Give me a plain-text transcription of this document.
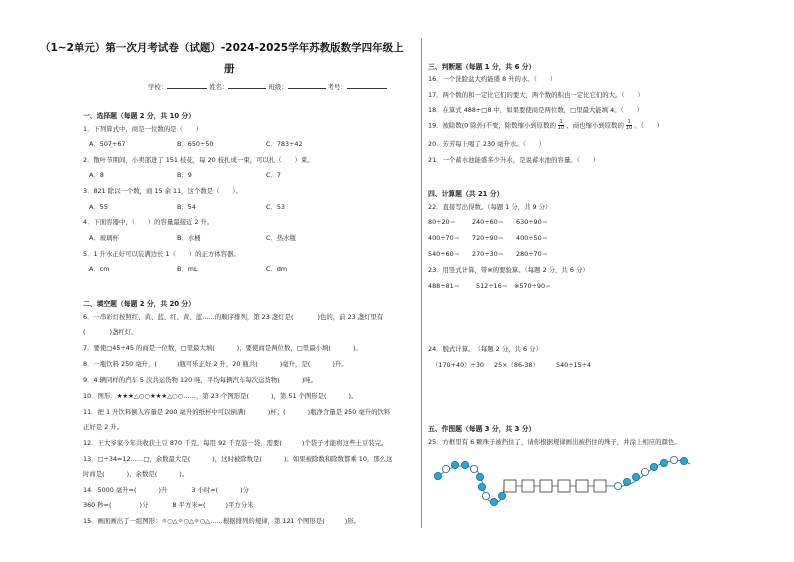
（1~2单元）第一次月考试卷（试题）-2024-2025学年苏教版数学四年级上
册
学校：	姓名：	班级：	考号：
一、选择题（每题 2 分，共 10 分）
1．下列算式中，商是一位数的是（　　）
A．507÷67	B．650÷50	C．783÷42
2．散叶节期间，小卖部进了 151 枝花，每 20 枝扎成一束，可以扎（　　）束。
A．8	B．9	C．7
3．821 除以一个数，商 15 余 11，这个数是（　　）。
A．55	B．54	C．53
4．下面容器中，（　　）的容量最接近 2 升。
A．玻璃杯	B．水桶	C．热水瓶
5．1 升水正好可以装满边长 1（　　）的正方体容器。
A．cm	B．mL	C．dm
二、填空题（每题 2 分，共 20 分）
6．一串彩灯按照红、黄、蓝、红、黄、蓝……的顺序排列，第 23 盏灯是(	)色的，前 23 盏灯里有
(	)盏红灯。
7．要使□45÷45 的商是一位数，□里最大填(	)；要使商是两位数，□里最小填(	)。
8．一瓶饮料 250 毫升，(	)瓶可乐正好 2 升，20 瓶共(	)毫升，是(	)升。
9．4 辆同样的汽车 5 次共运货物 120 吨，平均每辆汽车每次运货物(	)吨。
10．图形：★★★△○○★★★△○○……，第 23 个图形是(	)，第 51 个图形是(	)。
11．把 1 升饮料倒入容量是 200 毫升的纸杯中可以倒满(	)杯；(	)瓶净含量是 250 毫升的饮料
正好是 2 升。
12．王大爷家今年共收获土豆 870 千克，每用 92 千克装一袋，需要(	)个袋子才能将这些土豆装完。
13．□÷34=12……□，余数最大是(	)，这时被除数是(	)；如果被除数和除数都乘 10，那么这
时商是(	)，余数是(	)。
14．5000 毫升=(	)升	3 小时=(	)分
360 秒=(	)分	8 平方米=(	)平方分米
15．画面画出了一组图形：☼○△☼○△☼○△……根据排列的规律，第 121 个图形是(	)形。
三、判断题（每题 1 分，共 6 分）
16．一个洗脸盆大约能盛 8 升的水。（　　）
17．两个数的和一定比它们的要大，两个数的积也一定比它们的大。（　　）
18．在算式 488÷□8 中，如果要使商是两位数，□里最大能填 4。（　　）
19．被除数(0 除外)不变，除数缩小到原数的 $\frac{1}{10}$ ，商也缩小到原数的 $\frac{1}{10}$ 。（　　）
20．芳芳每上喝了 230 毫升水。（　　）
21．一个蓄水池能盛多少升水，是说蓄水池的容量。（　　）
四、计算题（共 21 分）
22．直接写出得数。（每题 1 分，共 9 分）
80÷20＝ 240÷60＝ 630÷90＝
400÷70＝ 720÷90＝ 400÷50＝
540÷60＝ 270÷30＝ 280÷70＝
23．用竖式计算，带※的要验算。（每题 2 分，共 6 分）
488÷81＝ 512÷16＝ ※570÷90＝
24．脱式计算。　（每题 2 分，共 6 分）
（170+40）÷30 25×（86-38）	540÷15÷4
五、作图题（每题 3 分，共 3 分）
25．方框里有 6 颗珠子被挡住了，请你根据规律画出被挡住的珠子，并涂上相应的颜色。
